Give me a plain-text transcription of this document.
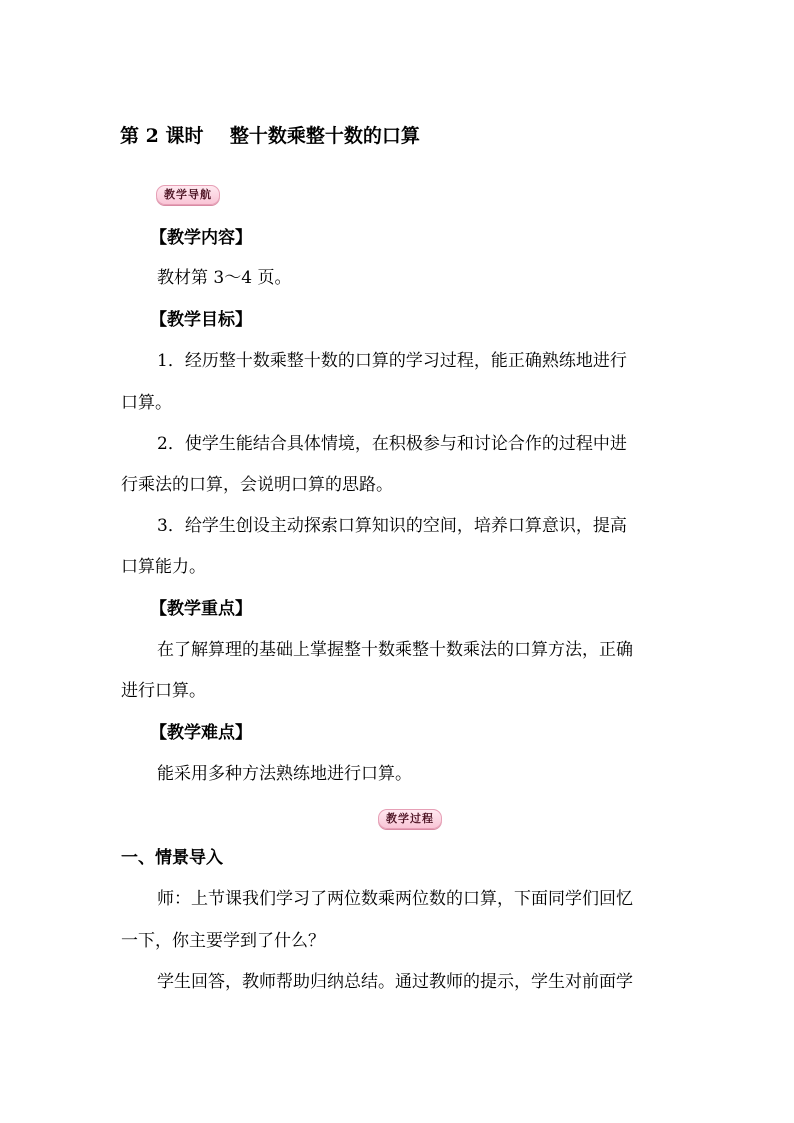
第 2 课时    整十数乘整十数的口算
教学导航
【教学内容】
教材第 3～4 页。
【教学目标】
1．经历整十数乘整十数的口算的学习过程，能正确熟练地进行
口算。
2．使学生能结合具体情境，在积极参与和讨论合作的过程中进
行乘法的口算，会说明口算的思路。
3．给学生创设主动探索口算知识的空间，培养口算意识，提高
口算能力。
【教学重点】
在了解算理的基础上掌握整十数乘整十数乘法的口算方法，正确
进行口算。
【教学难点】
能采用多种方法熟练地进行口算。
教学过程
一、情景导入
师：上节课我们学习了两位数乘两位数的口算，下面同学们回忆
一下，你主要学到了什么？
学生回答，教师帮助归纳总结。通过教师的提示，学生对前面学
